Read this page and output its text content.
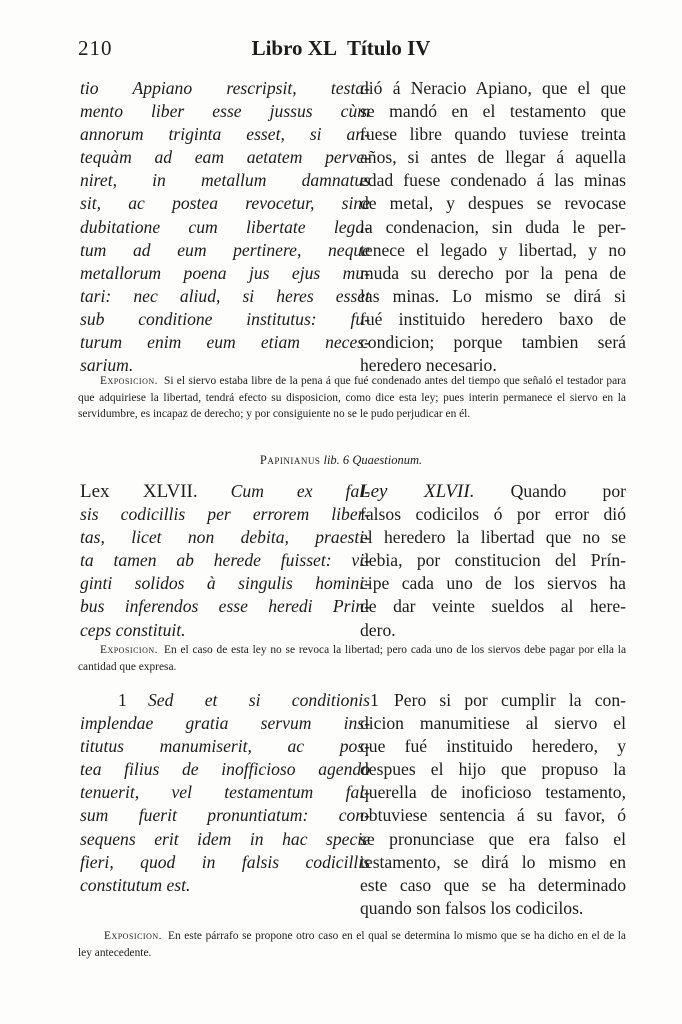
210	Libro XL Título IV

tio Appiano rescripsit, testa-
mento liber esse jussus cùm
annorum triginta esset, si an-
tequàm ad eam aetatem perve-
niret, in metallum damnatus
sit, ac postea revocetur, sine
dubitatione cum libertate lega-
tum ad eum pertinere, neque
metallorum poena jus ejus mu-
tari: nec aliud, si heres esset
sub conditione institutus: fu-
turum enim eum etiam neces-
sarium.

dió á Neracio Apiano, que el que
se mandó en el testamento que
fuese libre quando tuviese treinta
años, si antes de llegar á aquella
edad fuese condenado á las minas
de metal, y despues se revocase
la condenacion, sin duda le per-
tenece el legado y libertad, y no
muda su derecho por la pena de
las minas. Lo mismo se dirá si
fué instituido heredero baxo de
condicion; porque tambien será
heredero necesario.

Exposicion. Si el siervo estaba libre de la pena á que fué condenado antes del tiempo que señaló el testador para que adquiriese la libertad, tendrá efecto su disposicion, como dice esta ley; pues interin permanece el siervo en la servidumbre, es incapaz de derecho; y por consiguiente no se le pudo perjudicar en él.
Papinianus lib. 6 Quaestionum.

Lex XLVII. Cum ex fal-
sis codicillis per errorem liber-
tas, licet non debita, praesti-
ta tamen ab herede fuisset: vi-
ginti solidos à singulis homini-
bus inferendos esse heredi Prin-
ceps constituit.

Ley XLVII. Quando por
falsos codicilos ó por error dió
el heredero la libertad que no se
debia, por constitucion del Prín-
cipe cada uno de los siervos ha
de dar veinte sueldos al here-
dero.

Exposicion. En el caso de esta ley no se revoca la libertad; pero cada uno de los siervos debe pagar por ella la cantidad que expresa.

1 Sed et si conditionis
implendae gratia servum ins-
titutus manumiserit, ac pos-
tea filius de inofficioso agendo
tenuerit, vel testamentum fal-
sum fuerit pronuntiatum: con-
sequens erit idem in hac specie
fieri, quod in falsis codicillis
constitutum est.

1 Pero si por cumplir la con-
dicion manumitiese al siervo el
que fué instituido heredero, y
despues el hijo que propuso la
querella de inoficioso testamento,
obtuviese sentencia á su favor, ó
se pronunciase que era falso el
testamento, se dirá lo mismo en
este caso que se ha determinado
quando son falsos los codicilos.

Exposicion. En este párrafo se propone otro caso en el qual se determina lo mismo que se ha dicho en el de la ley antecedente.
